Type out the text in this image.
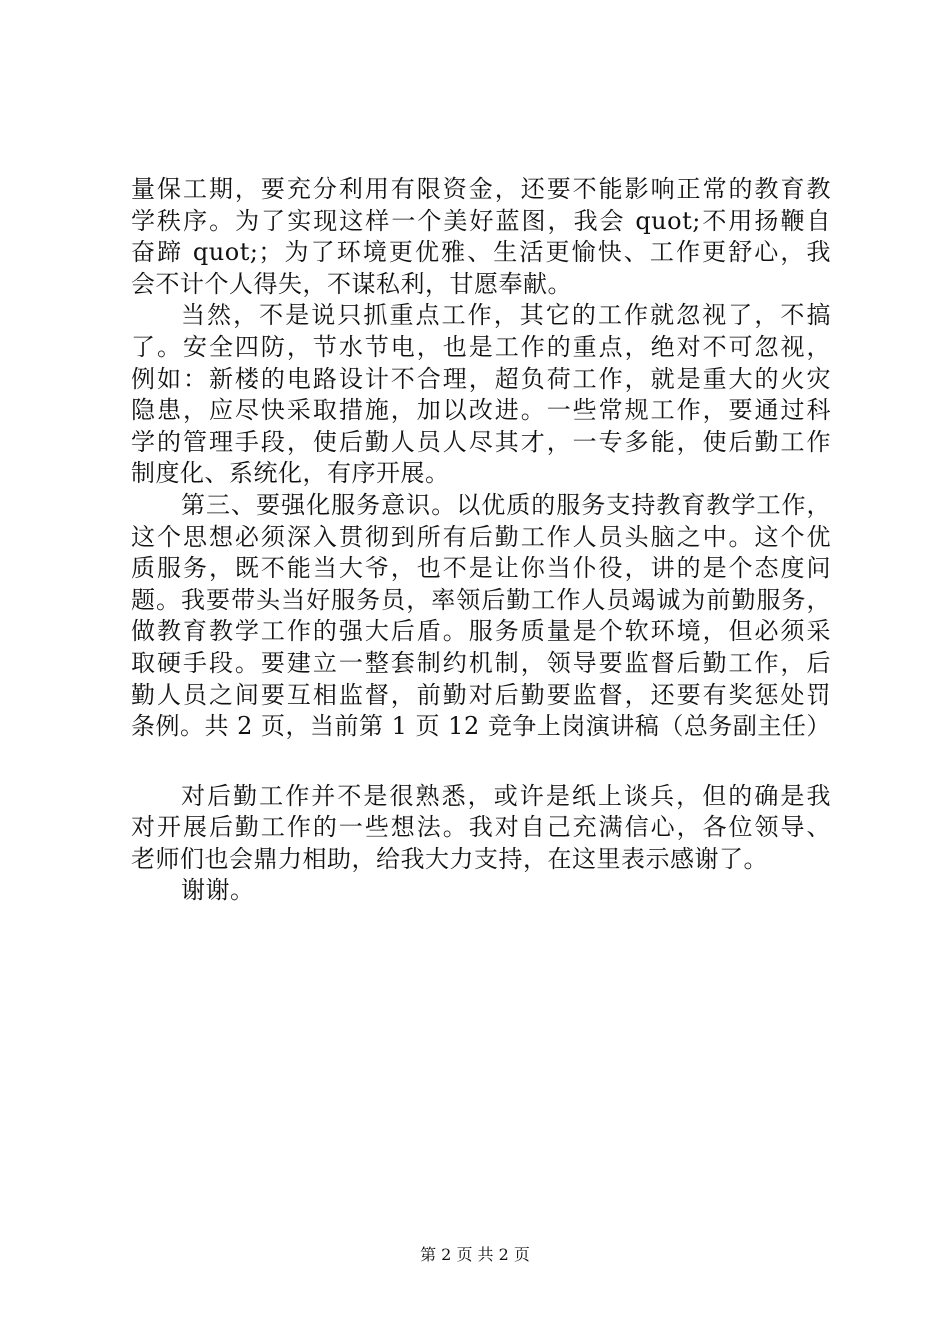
量保工期，要充分利用有限资金，还要不能影响正常的教育教
学秩序。为了实现这样一个美好蓝图，我会 quot;不用扬鞭自
奋蹄 quot;；为了环境更优雅、生活更愉快、工作更舒心，我
会不计个人得失，不谋私利，甘愿奉献。
当然，不是说只抓重点工作，其它的工作就忽视了，不搞
了。安全四防，节水节电，也是工作的重点，绝对不可忽视，
例如：新楼的电路设计不合理，超负荷工作，就是重大的火灾
隐患，应尽快采取措施，加以改进。一些常规工作，要通过科
学的管理手段，使后勤人员人尽其才，一专多能，使后勤工作
制度化、系统化，有序开展。
第三、要强化服务意识。以优质的服务支持教育教学工作，
这个思想必须深入贯彻到所有后勤工作人员头脑之中。这个优
质服务，既不能当大爷，也不是让你当仆役，讲的是个态度问
题。我要带头当好服务员，率领后勤工作人员竭诚为前勤服务，
做教育教学工作的强大后盾。服务质量是个软环境，但必须采
取硬手段。要建立一整套制约机制，领导要监督后勤工作，后
勤人员之间要互相监督，前勤对后勤要监督，还要有奖惩处罚
条例。共 2 页，当前第 1 页 12 竞争上岗演讲稿（总务副主任）
对后勤工作并不是很熟悉，或许是纸上谈兵，但的确是我
对开展后勤工作的一些想法。我对自己充满信心，各位领导、
老师们也会鼎力相助，给我大力支持，在这里表示感谢了。
谢谢。
第 2 页 共 2 页
